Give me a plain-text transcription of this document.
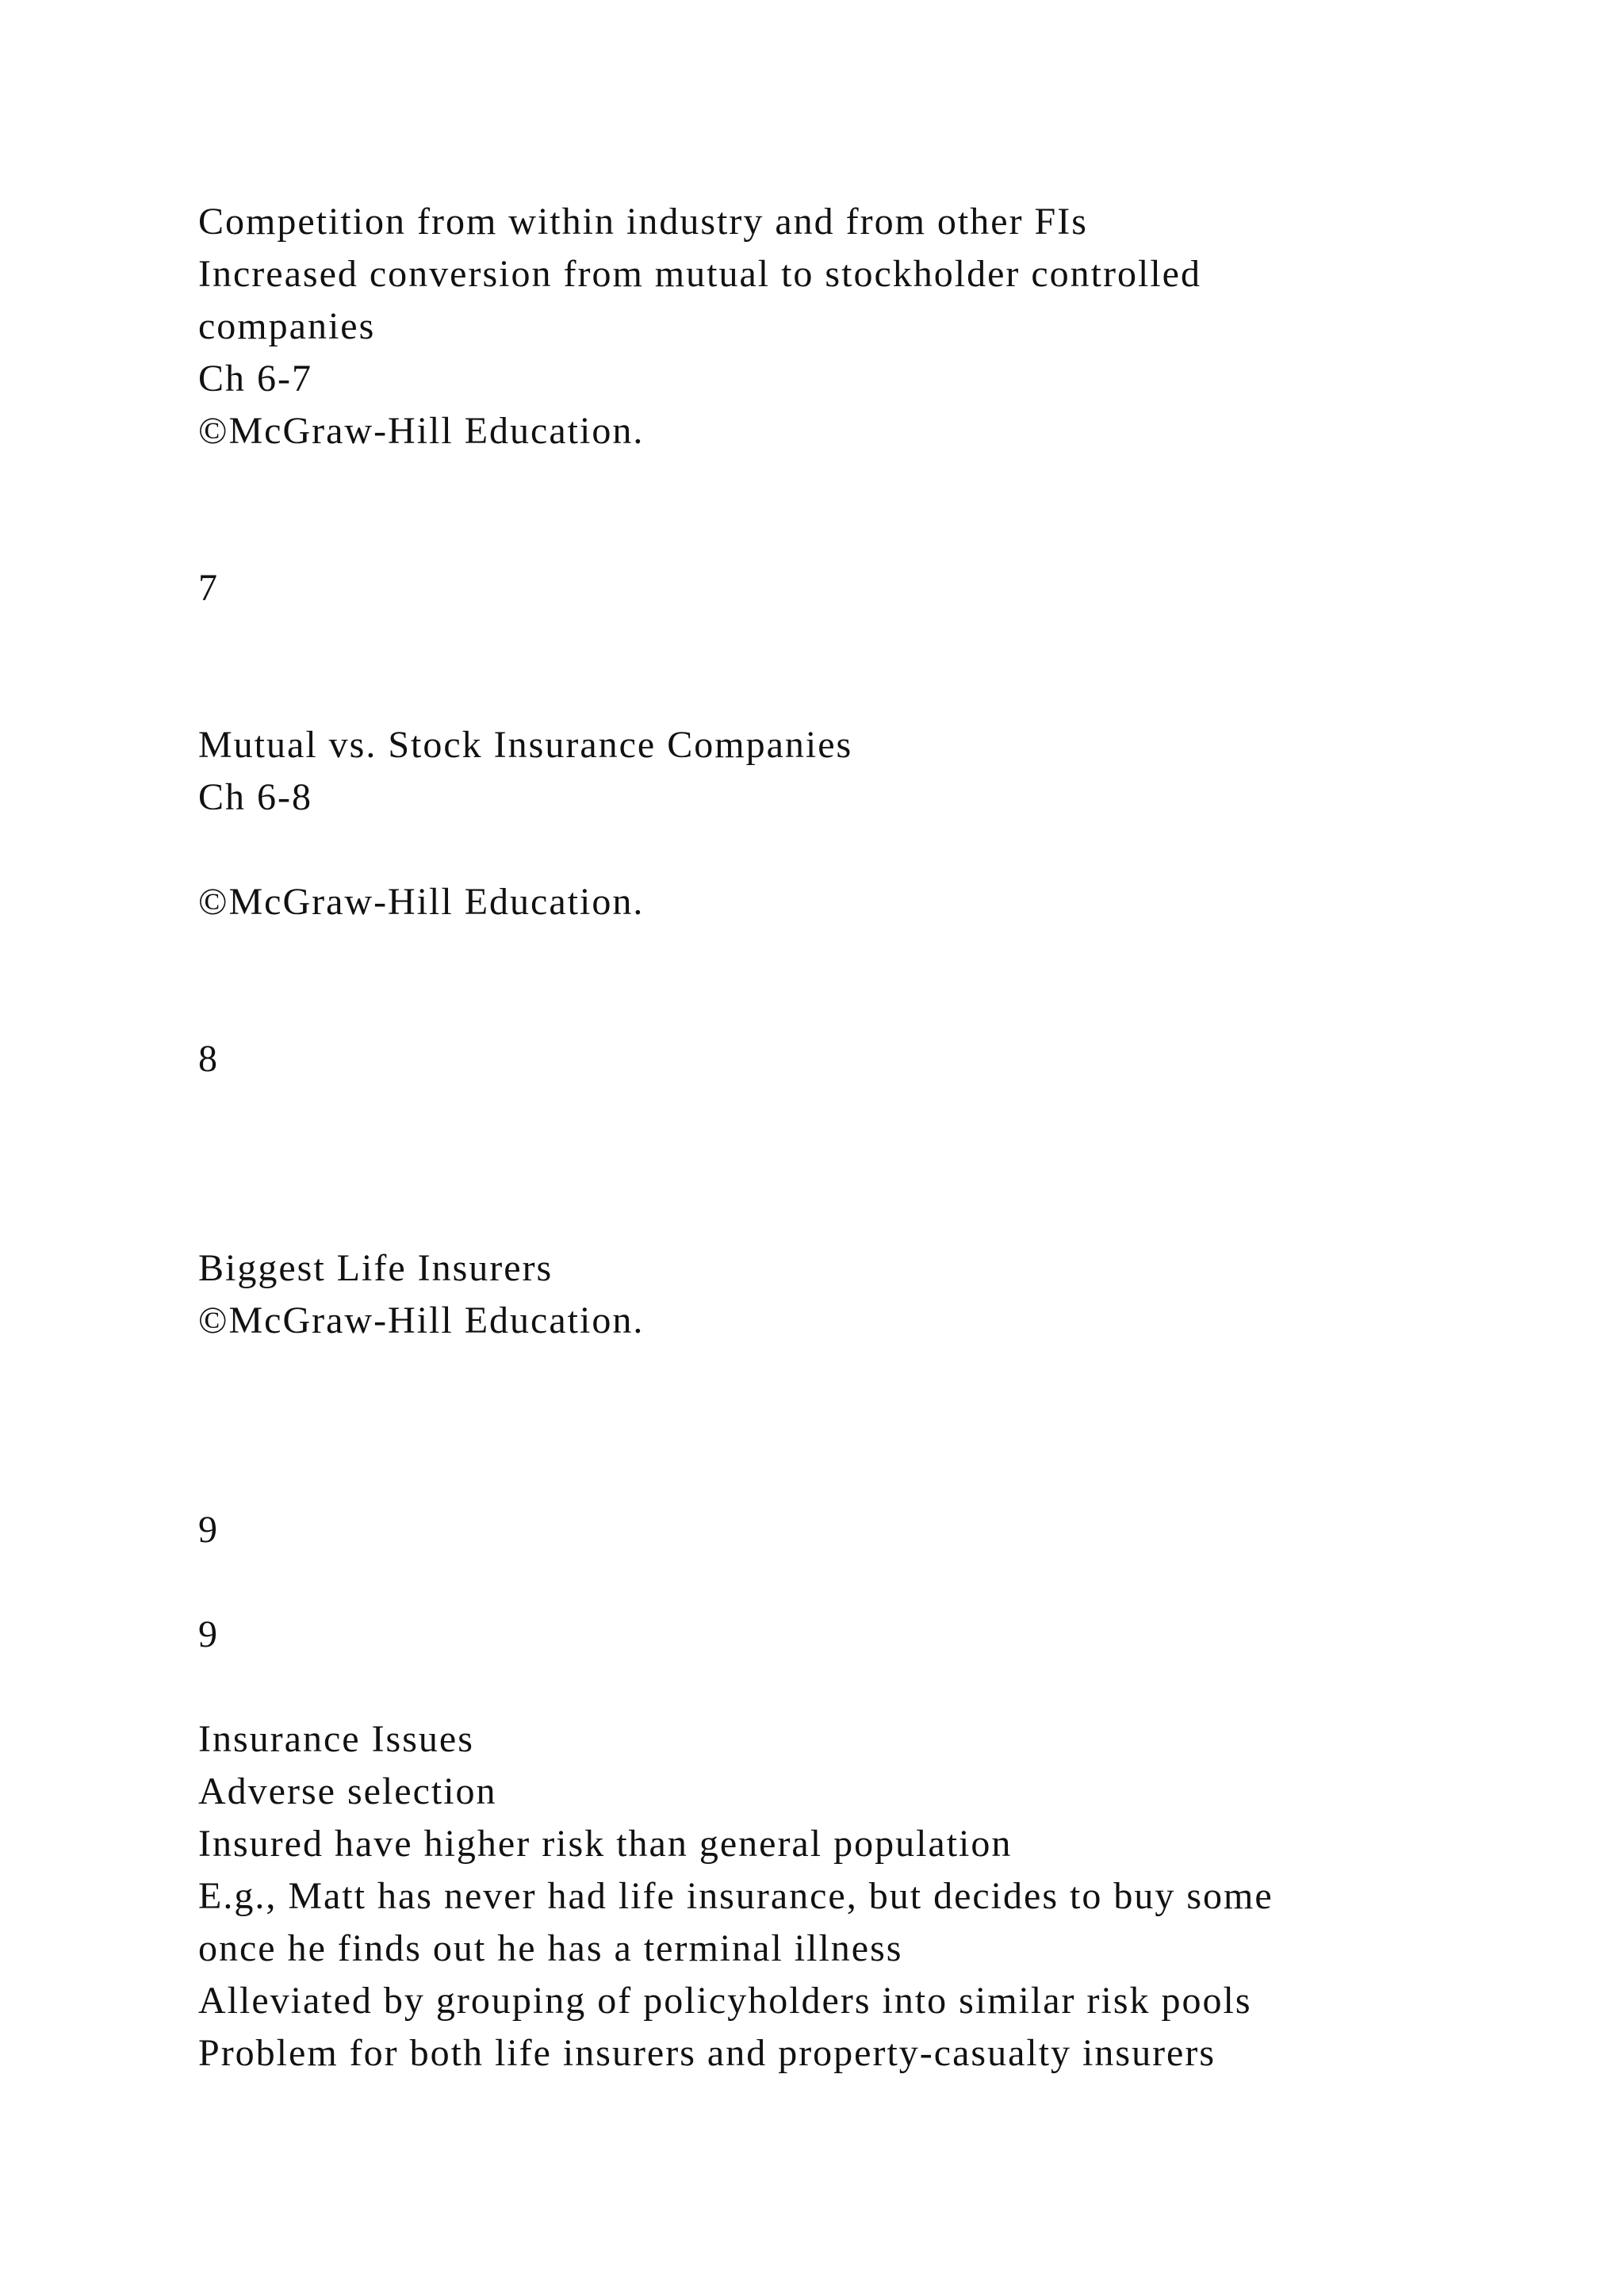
Competition from within industry and from other FIs

Increased conversion from mutual to stockholder controlled

companies

Ch 6-7

©McGraw-Hill Education.

7

Mutual vs. Stock Insurance Companies

Ch 6-8

©McGraw-Hill Education.

8

Biggest Life Insurers

©McGraw-Hill Education.

9

9

Insurance Issues

Adverse selection

Insured have higher risk than general population

E.g., Matt has never had life insurance, but decides to buy some

once he finds out he has a terminal illness

Alleviated by grouping of policyholders into similar risk pools

Problem for both life insurers and property-casualty insurers
